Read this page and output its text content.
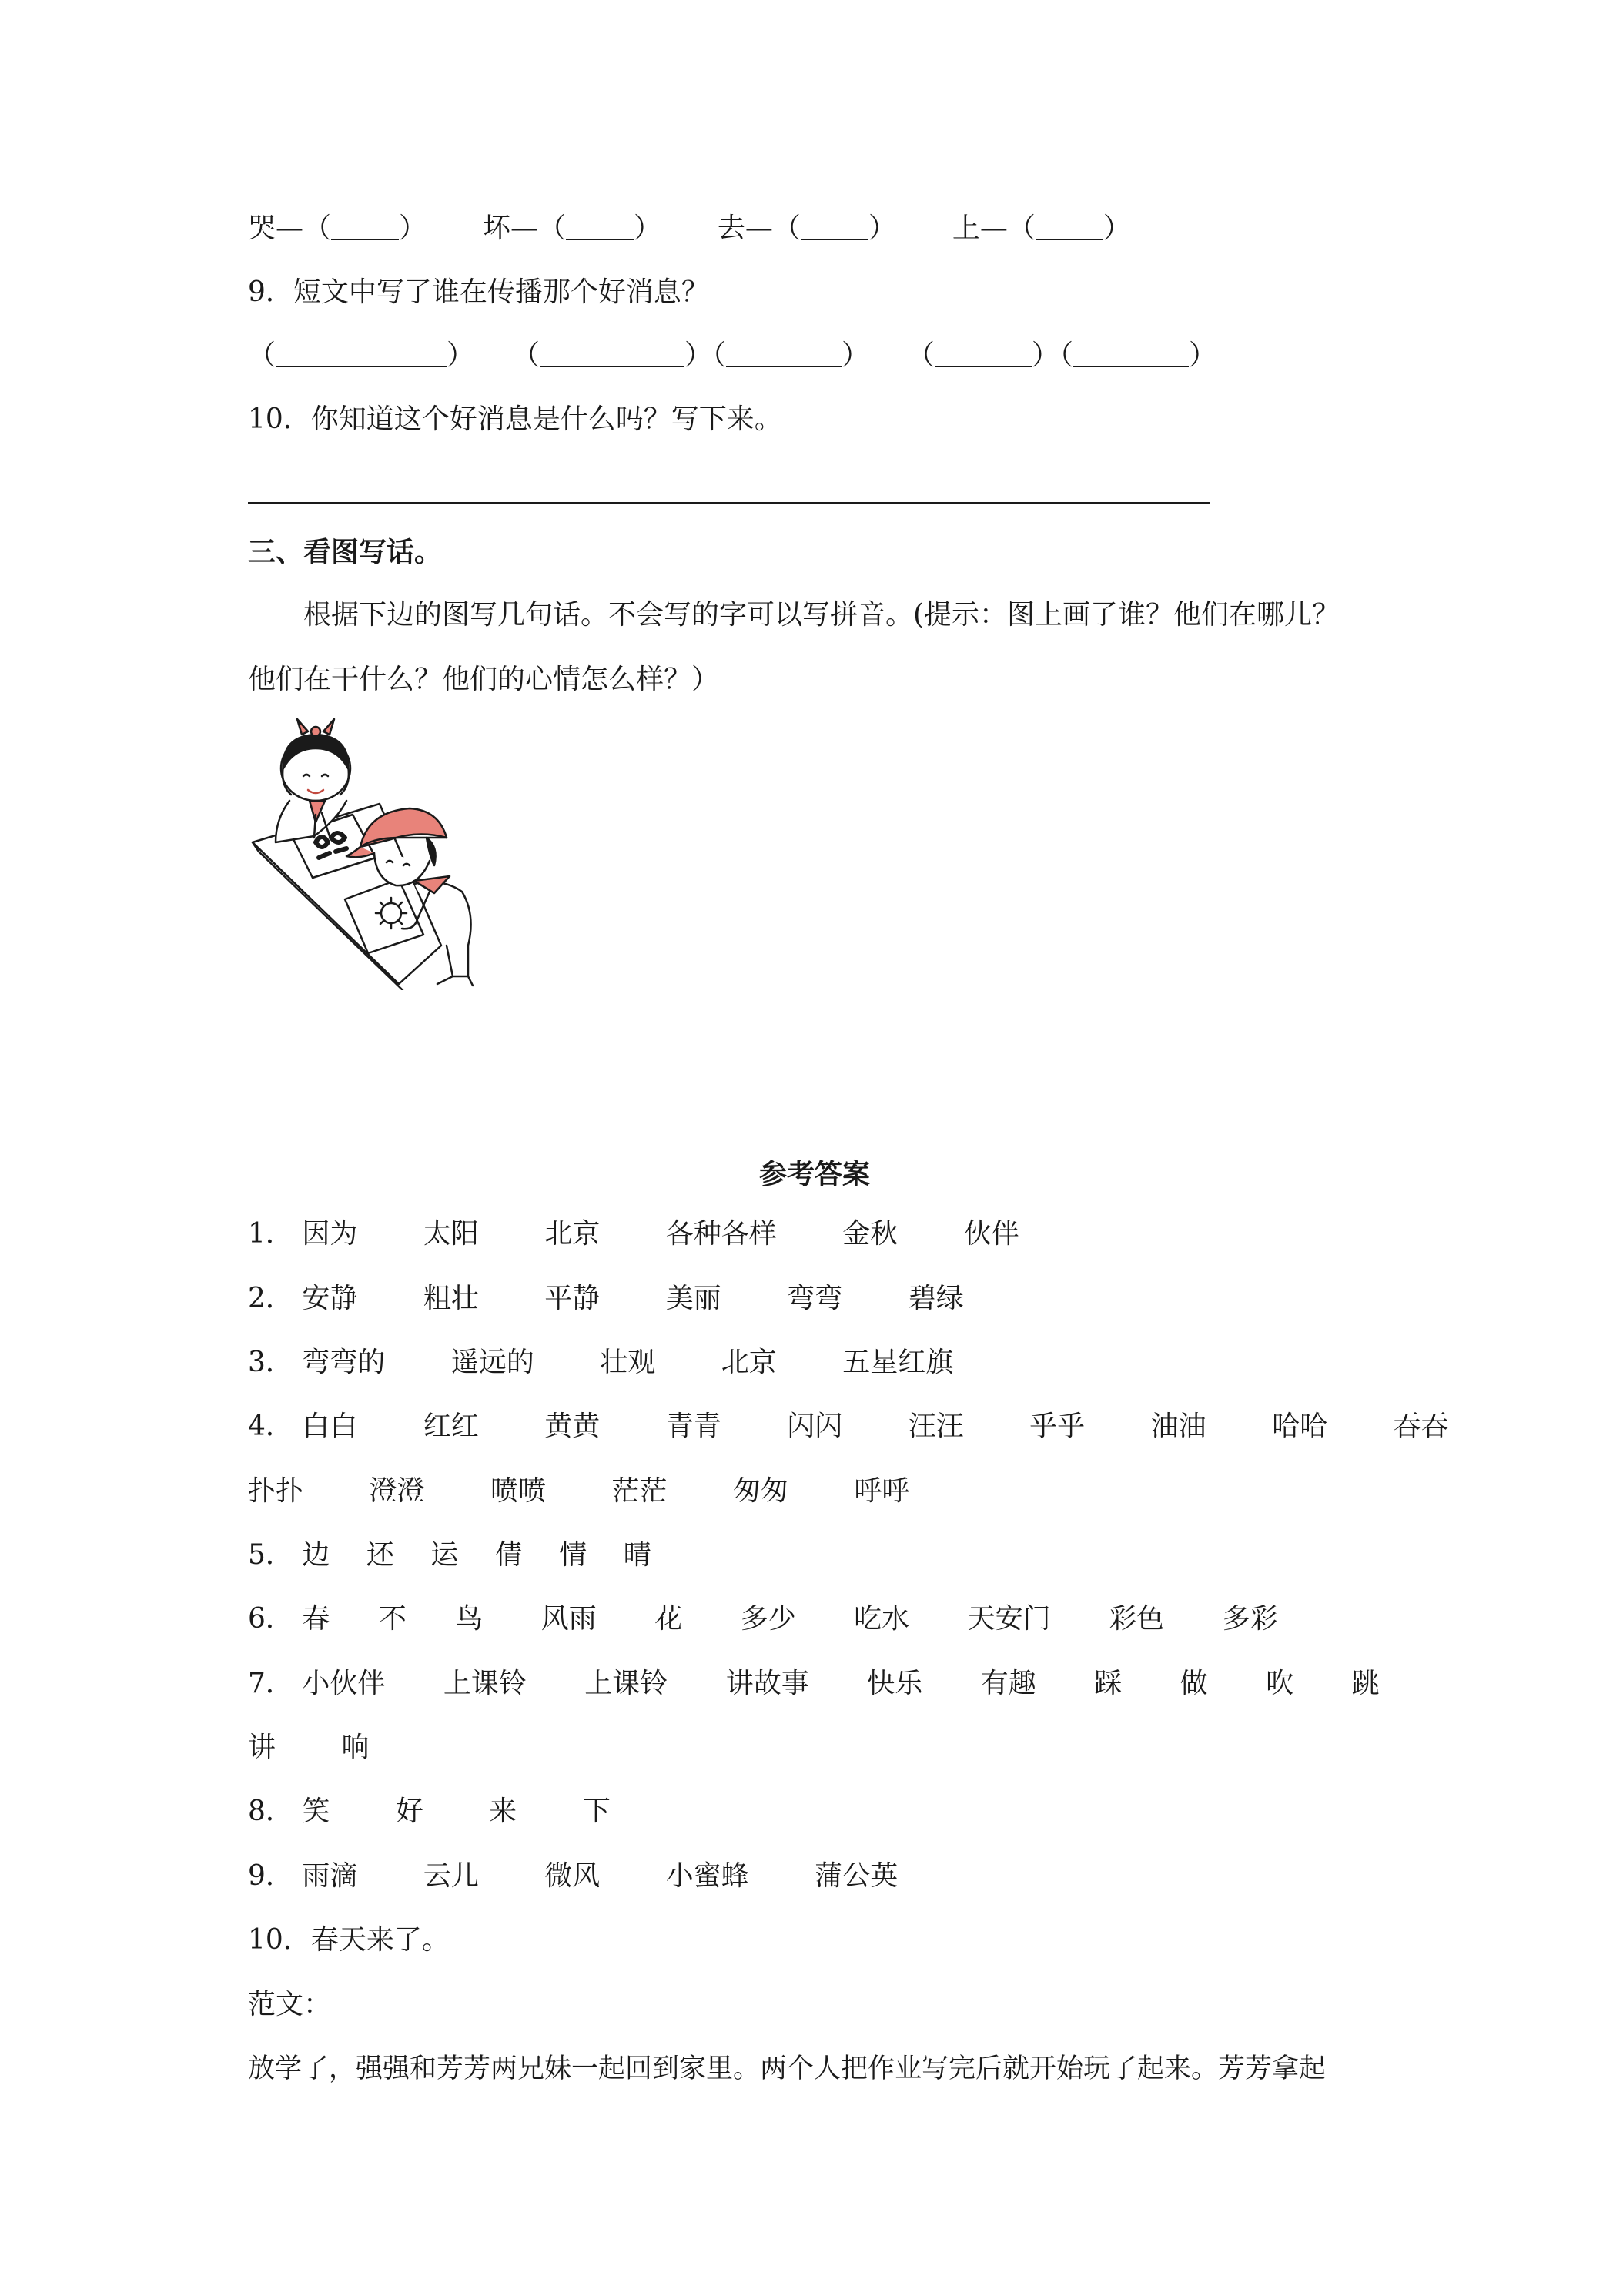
哭—（ ） 坏—（ ） 去—（ ） 上—（ ）
9．短文中写了谁在传播那个好消息？
（	） （	）（	） （	）（	）
10．你知道这个好消息是什么吗？写下来。
三、看图写话。
根据下边的图写几句话。不会写的字可以写拼音。(提示：图上画了谁？他们在哪儿？
他们在干什么？他们的心情怎么样？）
参考答案
1． 因为 太阳 北京 各种各样 金秋 伙伴
2． 安静 粗壮 平静 美丽 弯弯 碧绿
3． 弯弯的 遥远的 壮观 北京 五星红旗
4． 白白 红红 黄黄 青青 闪闪 汪汪 乎乎 油油 哈哈 吞吞
扑扑 澄澄 喷喷 茫茫 匆匆 呼呼
5． 边 还 运 倩 情 晴
6． 春 不 鸟 风雨 花 多少 吃水 天安门 彩色 多彩
7． 小伙伴 上课铃 上课铃 讲故事 快乐 有趣 踩 做 吹 跳
讲 响
8． 笑 好 来 下
9． 雨滴 云儿 微风 小蜜蜂 蒲公英
10．春天来了。
范文：
放学了，强强和芳芳两兄妹一起回到家里。两个人把作业写完后就开始玩了起来。芳芳拿起
